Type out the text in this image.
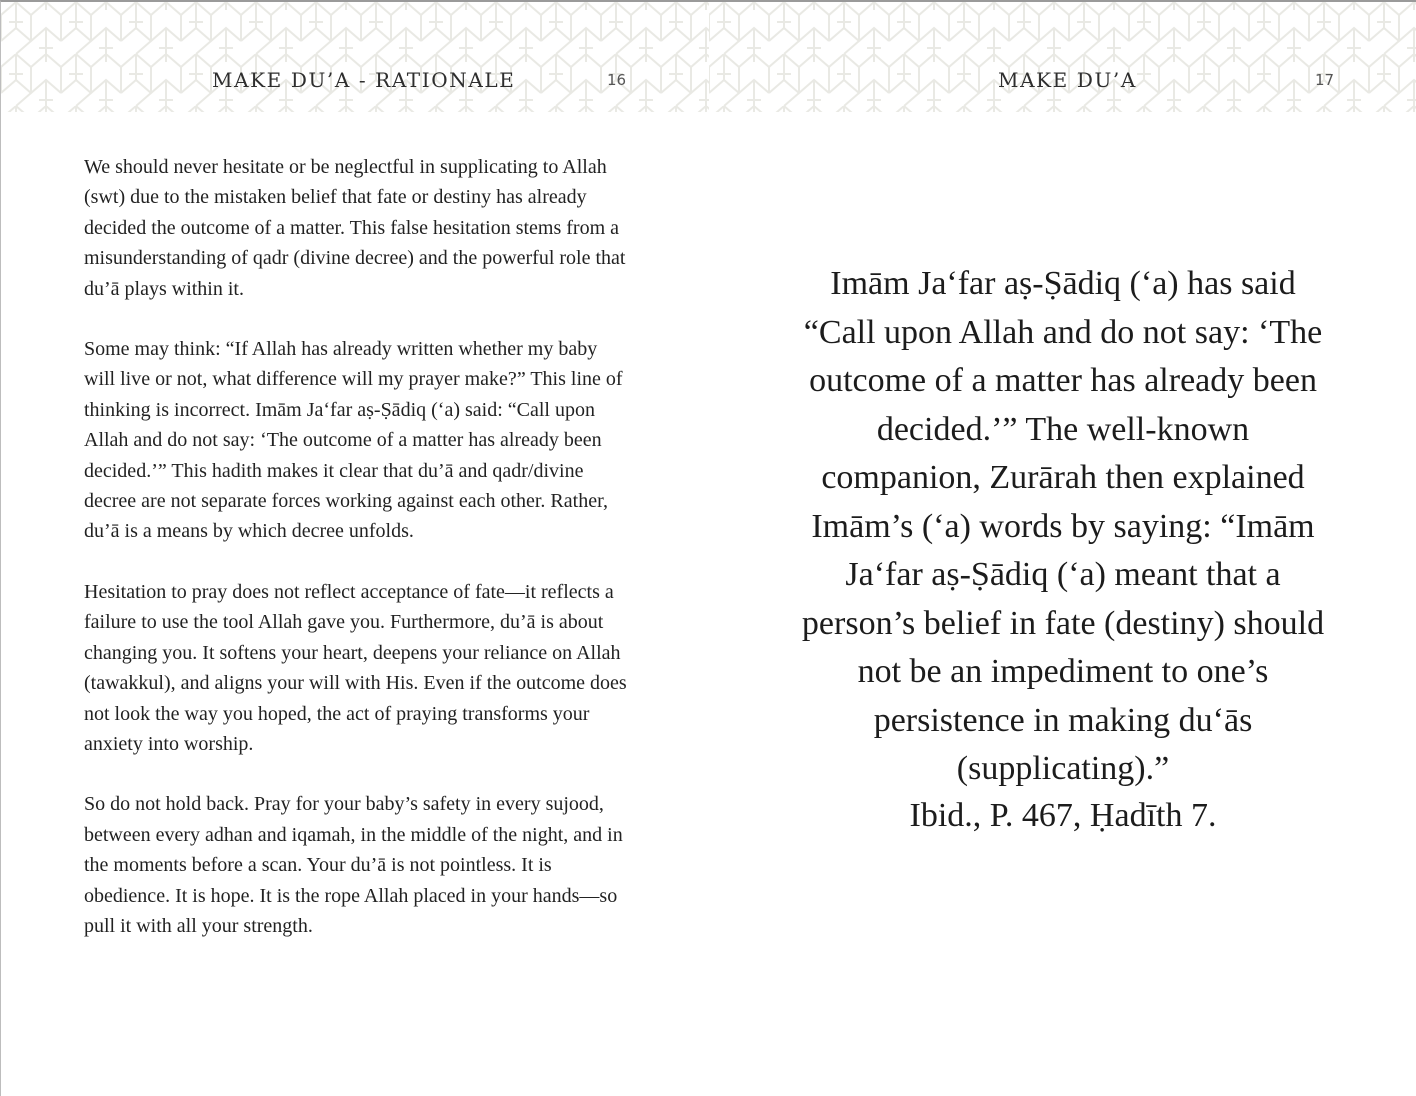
MAKE DU’A - RATIONALE	16

We should never hesitate or be neglectful in supplicating to Allah (swt) due to the mistaken belief that fate or destiny has already decided the outcome of a matter. This false hesitation stems from a misunderstanding of qadr (divine decree) and the powerful role that du’ā plays within it.

Some may think: “If Allah has already written whether my baby will live or not, what difference will my prayer make?” This line of thinking is incorrect. Imām Ja‘far aṣ-Ṣādiq (‘a) said: “Call upon Allah and do not say: ‘The outcome of a matter has already been decided.’” This hadith makes it clear that du’ā and qadr/divine decree are not separate forces working against each other. Rather, du’ā is a means by which decree unfolds.

Hesitation to pray does not reflect acceptance of fate—it reflects a failure to use the tool Allah gave you. Furthermore, du’ā is about changing you. It softens your heart, deepens your reliance on Allah (tawakkul), and aligns your will with His. Even if the outcome does not look the way you hoped, the act of praying transforms your anxiety into worship.

So do not hold back. Pray for your baby’s safety in every sujood, between every adhan and iqamah, in the middle of the night, and in the moments before a scan. Your du’ā is not pointless. It is obedience. It is hope. It is the rope Allah placed in your hands—so pull it with all your strength.

MAKE DU’A	17

Imām Ja‘far aṣ-Ṣādiq (‘a) has said “Call upon Allah and do not say: ‘The outcome of a matter has already been decided.’” The well-known companion, Zurārah then explained Imām’s (‘a) words by saying: “Imām Ja‘far aṣ-Ṣādiq (‘a) meant that a person’s belief in fate (destiny) should not be an impediment to one’s persistence in making du‘ās (supplicating).”

Ibid., P. 467, Ḥadīth 7.
